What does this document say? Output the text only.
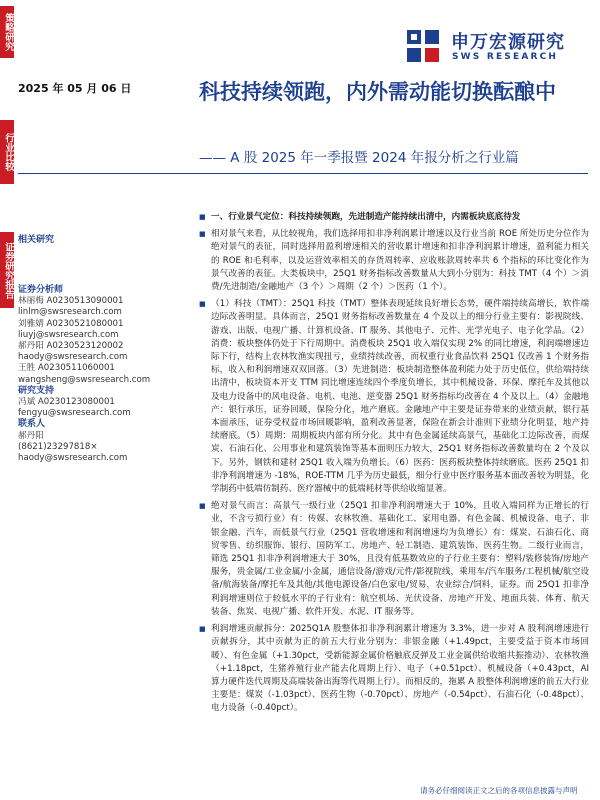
策略研究
行业比较
证券研究报告
申万宏源研究
SWS RESEARCH
2025 年 05 月 06 日	科技持续领跑，内外需动能切换酝酿中
—— A 股 2025 年一季报暨 2024 年报分析之行业篇
相关研究
证券分析师
林丽梅 A0230513090001
linlm@swsresearch.com
刘雅婧 A0230521080001
liuyj@swsresearch.com
郝丹阳 A0230523120002
haody@swsresearch.com
王胜 A0230511060001
wangsheng@swsresearch.com
研究支持
冯斌 A0230123080001
fengyu@swsresearch.com
联系人
郝丹阳
(8621)23297818×
haody@swsresearch.com
■ 一、行业景气定位：科技持续领跑，先进制造产能持续出清中，内需板块底底待发
■ 相对景气来看，从比较视角，我们选择用扣非净利润累计增速以及行业当前 ROE 所处历史分位作为绝对景气的表征，同时选择用盈利增速相关的营收累计增速和扣非净利润累计增速，盈利能力相关的 ROE 和毛利率，以及运营效率相关的存货周转率、应收账款周转率共 6 个指标的环比变化作为景气改善的表征。大类板块中，25Q1 财务指标改善数量从大到小分别为：科技 TMT（4 个）＞消费/先进制造/金融地产（3 个）＞周期（2 个）＞医药（1 个）。
■ （1）科技（TMT）：25Q1 科技（TMT）整体表现延续良好增长态势，硬件端持续高增长，软件端边际改善明显。具体而言，25Q1 财务指标改善数量在 4 个及以上的细分行业主要有：影视院线、游戏、出版、电视广播、计算机设备、IT 服务、其他电子、元件、光学光电子、电子化学品。（2）消费：板块整体仍处于下行周期中。消费板块 25Q1 收入端仅实现 2% 的同比增速，利润端增速边际下行，结构上农林牧渔实现扭亏，业绩持续改善，而权重行业食品饮料 25Q1 仅改善 1 个财务指标，收入和利润增速双双回落。（3）先进制造：板块制造整体盈利能力处于历史低位，供给端持续出清中，板块资本开支 TTM 同比增速连续四个季度负增长，其中机械设备、环保、摩托车及其他以及电力设备中的风电设备、电机、电池、逆变器 25Q1 财务指标均改善在 4 个及以上。（4）金融地产：银行承压，证券回暖，保险分化，地产磨底。金融地产中主要是证券带来的业绩贡献，银行基本面承压，证券受权益市场回暖影响，盈利改善显著，保险在新会计准则下业绩分化明显，地产持续磨底。（5）周期：周期板块内部有所分化。其中有色金属延续高景气，基础化工边际改善，而煤炭、石油石化、公用事业和建筑装饰等基本面则压力较大，25Q1 财务指标改善数量均在 2 个及以下。另外，钢铁和建材 25Q1 收入端为负增长。（6）医药：医药板块整体持续磨底。医药 25Q1 扣非净利润增速为 -18%，ROE-TTM 几乎为历史最低，细分行业中医疗服务基本面改善较为明显，化学制药中低端仿制药、医疗器械中的低端耗材等供给收缩显著。
■ 绝对景气而言：高景气一级行业（25Q1 扣非净利润增速大于 10%，且收入端同样为正增长的行业，不含亏损行业）有：传媒、农林牧渔、基础化工、家用电器、有色金属、机械设备、电子、非银金融、汽车，而低景气行业（25Q1 营收增速和利润增速均为负增长）有：煤炭、石油石化、商贸零售、纺织服饰、银行、国防军工、房地产、轻工制造、建筑装饰、医药生物。二级行业而言，筛选 25Q1 扣非净利润增速大于 30%，且没有低基数效应的子行业主要有：塑料/装修装饰/房地产服务，贵金属/工业金属/小金属，通信设备/游戏/元件/影视院线，乘用车/汽车服务/工程机械/航空设备/航海装备/摩托车及其他/其他电源设备/白色家电/贸易，农业综合/饲料，证券。而 25Q1 扣非净利润增速则位于较低水平的子行业有：航空机场、光伏设备、房地产开发、地面兵装、体育、航天装备、焦炭、电视广播、软件开发、水泥、IT 服务等。
■ 利润增速贡献拆分：2025Q1A 股整体扣非净利润累计增速为 3.3%，进一步对 A 股利润增速进行贡献拆分，其中贡献为正的前五大行业分别为：非银金融（+1.49pct，主要受益于资本市场回暖）、有色金属（+1.30pct，受新能源金属价格触底反弹及工业金属供给收缩共振推动）、农林牧渔（+1.18pct，生猪养殖行业产能去化周期上行）、电子（+0.51pct）、机械设备（+0.43pct，AI 算力硬件迭代周期及高端装备出海等代周期上行）。而相反的，拖累 A 股整体利润增速的前五大行业主要是：煤炭（-1.03pct）、医药生物（-0.70pct）、房地产（-0.54pct）、石油石化（-0.48pct）、电力设备（-0.40pct）。
请务必仔细阅读正文之后的各项信息披露与声明
